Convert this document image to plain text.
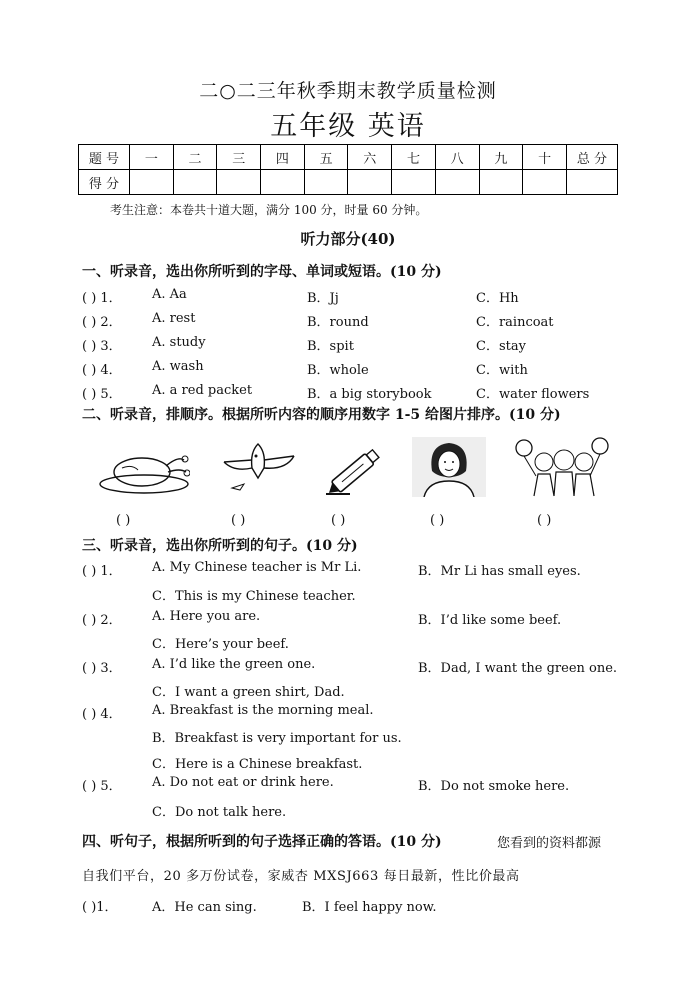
二○二三年秋季期末教学质量检测
五年级 英语
题 号	一	二	三	四	五	六	七	八	九	十	总 分
得 分											
考生注意：本卷共十道大题，满分 100 分，时量 60 分钟。
听力部分(40)
一、听录音，选出你所听到的字母、单词或短语。(10 分)
( ) 1． A. Aa	B．Jj	C．Hh
( ) 2． A. rest	B．round	C．raincoat
( ) 3． A. study	B．spit	C．stay
( ) 4． A. wash	B．whole	C．with
( ) 5． A. a red packet	B．a big storybook	C．water flowers
二、听录音，排顺序。根据所听内容的顺序用数字 1-5 给图片排序。(10 分)
( )	( )	( )	( )	( )
三、听录音，选出你所听到的句子。(10 分)
( ) 1． A. My Chinese teacher is Mr Li.	B．Mr Li has small eyes.
C．This is my Chinese teacher.
( ) 2． A. Here you are.	B．I’d like some beef.
C．Here’s your beef.
( ) 3． A. I’d like the green one.	B．Dad, I want the green one.
C．I want a green shirt, Dad.
( ) 4． A. Breakfast is the morning meal.
B．Breakfast is very important for us.
C．Here is a Chinese breakfast.
( ) 5． A. Do not eat or drink here.	B．Do not smoke here.
C．Do not talk here.
四、听句子，根据所听到的句子选择正确的答语。(10 分)	您看到的资料都源
自我们平台，20 多万份试卷，家威杏 MXSJ663 每日最新，性比价最高
( )1．	A．He can sing.	B．I feel happy now.
